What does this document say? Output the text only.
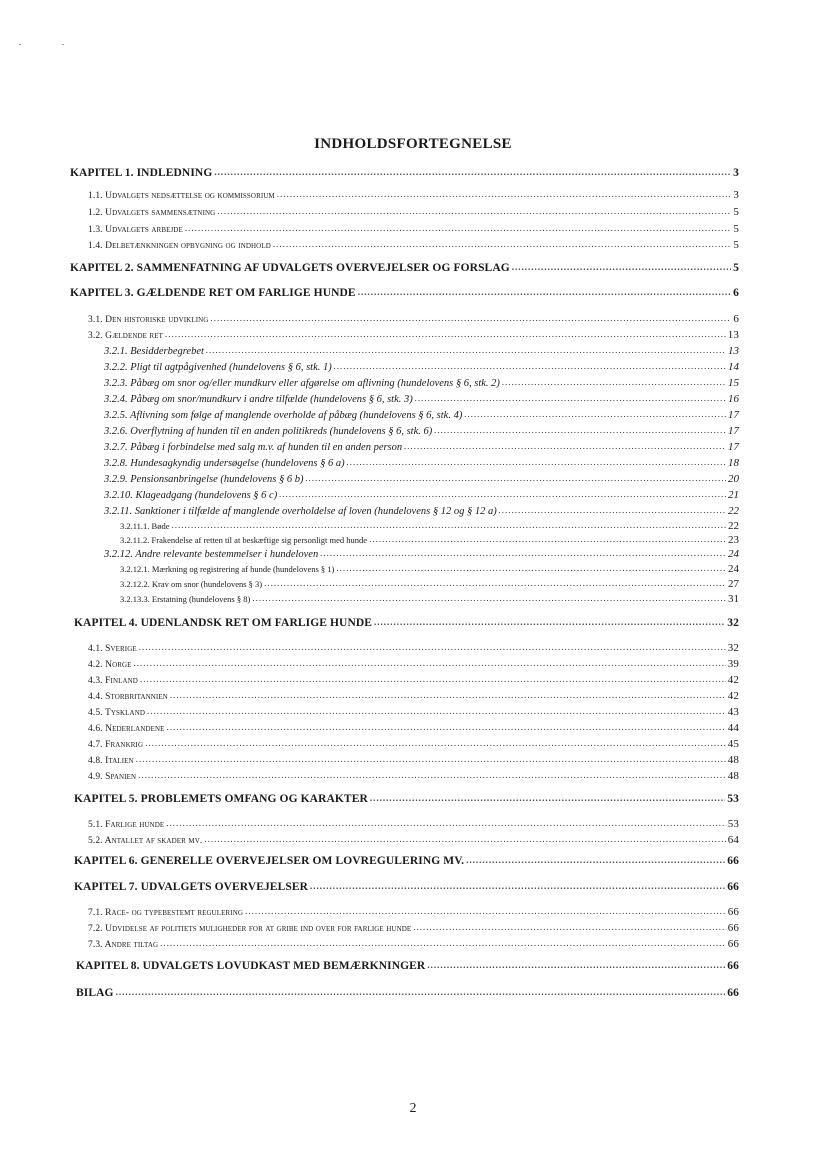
INDHOLDSFORTEGNELSE
KAPITEL 1. INDLEDNING .....	3
1.1. Udvalgets nedsættelse og kommissorium .....	3
1.2. Udvalgets sammensætning .....	5
1.3. Udvalgets arbejde .....	5
1.4. Delbetænkningen opbygning og indhold .....	5
KAPITEL 2. SAMMENFATNING AF UDVALGETS OVERVEJELSER OG FORSLAG .....	5
KAPITEL 3. GÆLDENDE RET OM FARLIGE HUNDE .....	6
3.1. Den historiske udvikling .....	6
3.2. Gældende ret .....	13
3.2.1. Besidderbegrebet .....	13
3.2.2. Pligt til agtpågivenhed (hundelovens § 6, stk. 1) .....	14
3.2.3. Påbæg om snor og/eller mundkurv eller afgørelse om aflivning (hundelovens § 6, stk. 2) .....	15
3.2.4. Påbæg om snor/mundkurv i andre tilfælde (hundelovens § 6, stk. 3) .....	16
3.2.5. Aflivning som følge af manglende overholde af påbæg (hundelovens § 6, stk. 4) .....	17
3.2.6. Overflytning af hunden til en anden politikreds (hundelovens § 6, stk. 6) .....	17
3.2.7. Påbæg i forbindelse med salg m.v. af hunden til en anden person .....	17
3.2.8. Hundesagkyndig undersøgelse (hundelovens § 6 a) .....	18
3.2.9. Pensionsanbringelse (hundelovens § 6 b) .....	20
3.2.10. Klageadgang (hundelovens § 6 c) .....	21
3.2.11. Sanktioner i tilfælde af manglende overholdelse af loven (hundelovens § 12 og § 12 a) .....	22
3.2.11.1. Bøde .....	22
3.2.11.2. Frakendelse af retten til at beskæftige sig personligt med hunde .....	23
3.2.12. Andre relevante bestemmelser i hundeloven .....	24
3.2.12.1. Mærkning og registrering af hunde (hundelovens § 1) .....	24
3.2.12.2. Krav om snor (hundelovens § 3) .....	27
3.2.13.3. Erstatning (hundelovens § 8) .....	31
KAPITEL 4. UDENLANDSK RET OM FARLIGE HUNDE .....	32
4.1. Sverige .....	32
4.2. Norge .....	39
4.3. Finland .....	42
4.4. Storbritannien .....	42
4.5. Tyskland .....	43
4.6. Nederlandene .....	44
4.7. Frankrig .....	45
4.8. Italien .....	48
4.9. Spanien .....	48
KAPITEL 5. PROBLEMETS OMFANG OG KARAKTER .....	53
5.1. Farlige hunde .....	53
5.2. Antallet af skader mv. .....	64
KAPITEL 6. GENERELLE OVERVEJELSER OM LOVREGULERING MV. .....	66
KAPITEL 7. UDVALGETS OVERVEJELSER .....	66
7.1. Race- og typebestemt regulering .....	66
7.2. Udvidelse af politiets muligheder for at gribe ind over for farlige hunde .....	66
7.3. Andre tiltag .....	66
KAPITEL 8. UDVALGETS LOVUDKAST MED BEMÆRKNINGER .....	66
BILAG .....	66
2
